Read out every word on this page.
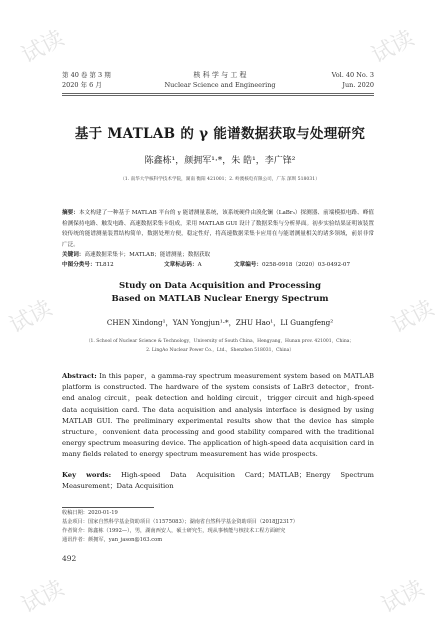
试读	试读
试读	试读
试读	试读
第 40 卷 第 3 期
2020 年 6 月
核 科 学 与 工 程
Nuclear Science and Engineering
Vol. 40 No. 3
Jun. 2020
基于 MATLAB 的 γ 能谱数据获取与处理研究
陈鑫栋¹，颜拥军¹·*，朱 皓¹，李广锋²
（1. 南华大学核科学技术学院，湖南 衡阳 421001；2. 岭澳核电有限公司，广东 深圳 518031）
摘要：本文构建了一种基于 MATLAB 平台的 γ 能谱测量系统，该系统硬件由溴化镧（LaBr₃）探测器、前端模拟电路、峰值检测保持电路、触发电路、高速数据采集卡组成，采用 MATLAB GUI 设计了数据采集与分析界面。初步实验结果证明该装置较传统的能谱测量装置结构简单，数据处理方便，稳定性好，将高速数据采集卡应用在与能谱测量相关的诸多领域，前景非常广泛。
关键词：高速数据采集卡；MATLAB；能谱测量；数据获取
中图分类号：TL812	文章标志码：A	文章编号：0258-0918（2020）03-0492-07
Study on Data Acquisition and Processing Based on MATLAB Nuclear Energy Spectrum
CHEN Xindong¹，YAN Yongjun¹·*，ZHU Hao¹，LI Guangfeng²
（1. School of Nuclear Science & Technology，University of South China，Hengyang，Hunan prov. 421001，China；
2. LingAo Nuclear Power Co.，Ltd.，Shenzhen 518031，China）
Abstract: In this paper，a gamma-ray spectrum measurement system based on MATLAB platform is constructed. The hardware of the system consists of LaBr3 detector，front-end analog circuit，peak detection and holding circuit，trigger circuit and high-speed data acquisition card. The data acquisition and analysis interface is designed by using MATLAB GUI. The preliminary experimental results show that the device has simple structure，convenient data processing and good stability compared with the traditional energy spectrum measuring device. The application of high-speed data acquisition card in many fields related to energy spectrum measurement has wide prospects.
Key words: High-speed Data Acquisition Card；MATLAB；Energy Spectrum Measurement；Data Acquisition
收稿日期：2020-01-19
基金项目：国家自然科学基金资助项目（11575083）；湖南省自然科学基金资助项目（2018JJ2317）
作者简介：陈鑫栋（1992—），男，湖南西安人，硕士研究生，现从事核能与核技术工程方面研究
通讯作者：颜拥军，yan_jason@163.com
492
